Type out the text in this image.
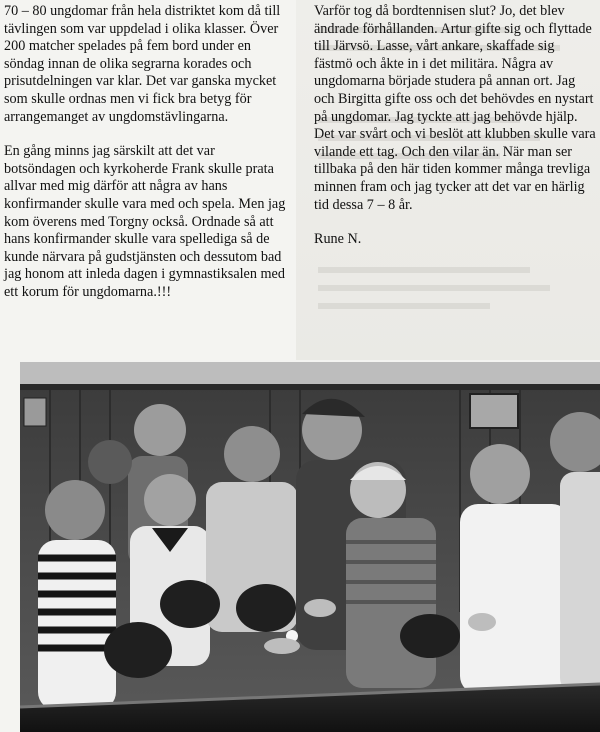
70 – 80 ungdomar från hela distriktet kom då till tävlingen som var uppdelad i olika klasser. Över 200 matcher spelades på fem bord under en söndag innan de olika segrarna korades och prisutdelningen var klar. Det var ganska mycket som skulle ordnas men vi fick bra betyg för arrangemanget av ungdomstävlingarna.

En gång minns jag särskilt att det var botsöndagen och kyrkoherde Frank skulle prata allvar med mig därför att några av hans konfirmander skulle vara med och spela. Men jag kom överens med Torgny också. Ordnade så att hans konfirmander skulle vara spellediga så de kunde närvara på gudstjänsten och dessutom bad jag honom att inleda dagen i gymnastiksalen med ett korum för ungdomarna.!!!

Varför tog då bordtennisen slut? Jo, det blev ändrade förhållanden. Artur gifte sig och flyttade till Järvsö. Lasse, vårt ankare, skaffade sig fästmö och åkte in i det militära. Några av ungdomarna började studera på annan ort. Jag och Birgitta gifte oss och det behövdes en nystart på ungdomar. Jag tyckte att jag behövde hjälp. Det var svårt och vi beslöt att klubben skulle vara vilande ett tag. Och den vilar än. När man ser tillbaka på den här tiden kommer många trevliga minnen fram och jag tycker att det var en härlig tid dessa 7 – 8 år.

Rune N.
